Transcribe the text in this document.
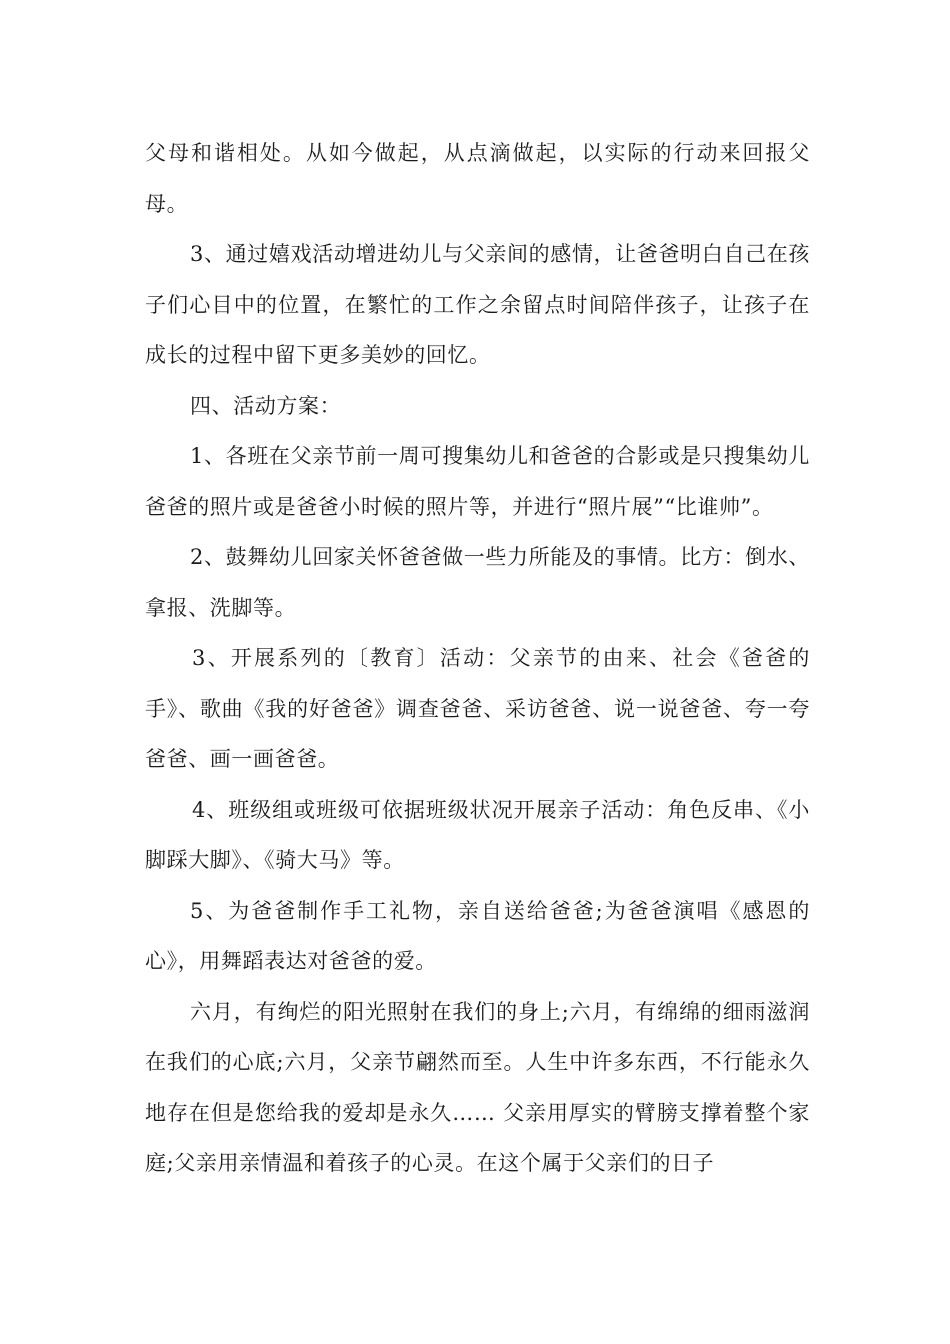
父母和谐相处。从如今做起，从点滴做起，以实际的行动来回报父母。

3、通过嬉戏活动增进幼儿与父亲间的感情，让爸爸明白自己在孩子们心目中的位置，在繁忙的工作之余留点时间陪伴孩子，让孩子在成长的过程中留下更多美妙的回忆。

四、活动方案：

1、各班在父亲节前一周可搜集幼儿和爸爸的合影或是只搜集幼儿爸爸的照片或是爸爸小时候的照片等，并进行“照片展”“比谁帅”。

2、鼓舞幼儿回家关怀爸爸做一些力所能及的事情。比方：倒水、拿报、洗脚等。

3、开展系列的〔教育〕活动：父亲节的由来、社会《爸爸的手》、歌曲《我的好爸爸》调查爸爸、采访爸爸、说一说爸爸、夸一夸爸爸、画一画爸爸。

4、班级组或班级可依据班级状况开展亲子活动：角色反串、《小脚踩大脚》、《骑大马》等。

5、为爸爸制作手工礼物，亲自送给爸爸;为爸爸演唱《感恩的心》，用舞蹈表达对爸爸的爱。

六月，有绚烂的阳光照射在我们的身上;六月，有绵绵的细雨滋润在我们的心底;六月，父亲节翩然而至。人生中许多东西，不行能永久地存在但是您给我的爱却是永久…… 父亲用厚实的臂膀支撑着整个家庭;父亲用亲情温和着孩子的心灵。在这个属于父亲们的日子
